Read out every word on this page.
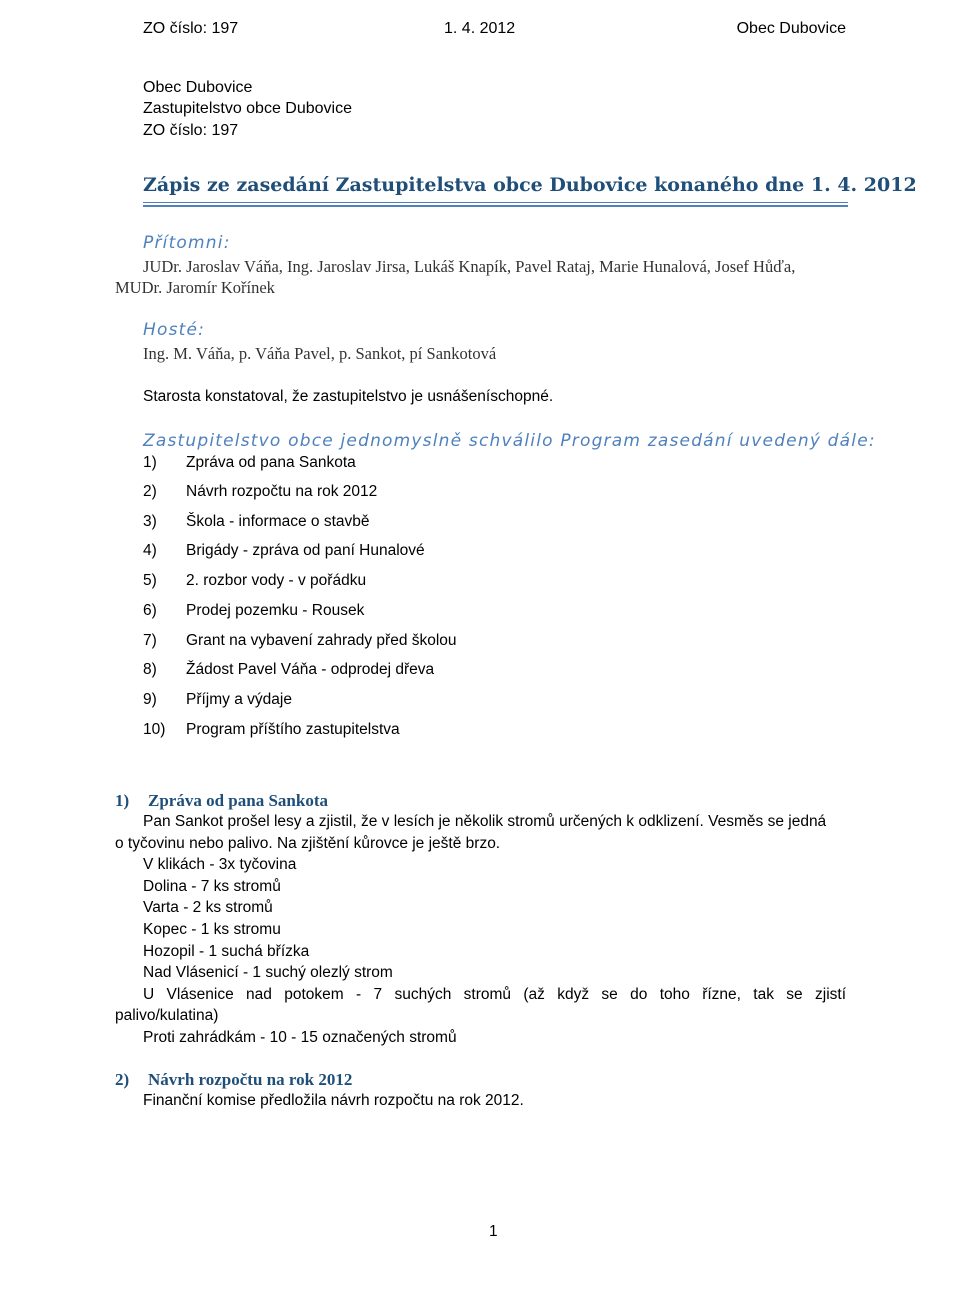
ZO číslo: 197	1. 4. 2012	Obec Dubovice
Obec Dubovice
Zastupitelstvo obce Dubovice
ZO číslo: 197
Zápis ze zasedání Zastupitelstva obce Dubovice konaného dne 1. 4. 2012
Přítomni:
JUDr. Jaroslav Váňa, Ing. Jaroslav Jirsa, Lukáš Knapík, Pavel Rataj, Marie Hunalová, Josef Hůďa,
MUDr. Jaromír Kořínek
Hosté:
Ing. M. Váňa, p. Váňa Pavel, p. Sankot, pí Sankotová
Starosta konstatoval, že zastupitelstvo je usnášeníschopné.
Zastupitelstvo obce jednomyslně schválilo Program zasedání uvedený dále:
1) Zpráva od pana Sankota
2) Návrh rozpočtu na rok 2012
3) Škola - informace o stavbě
4) Brigády - zpráva od paní Hunalové
5) 2. rozbor vody - v pořádku
6) Prodej pozemku - Rousek
7) Grant na vybavení zahrady před školou
8) Žádost Pavel Váňa - odprodej dřeva
9) Příjmy a výdaje
10) Program příštího zastupitelstva
1) Zpráva od pana Sankota
Pan Sankot prošel lesy a zjistil, že v lesích je několik stromů určených k odklizení. Vesměs se jedná
o tyčovinu nebo palivo. Na zjištění kůrovce je ještě brzo.
V klikách - 3x tyčovina
Dolina - 7 ks stromů
Varta - 2 ks stromů
Kopec - 1 ks stromu
Hozopil - 1 suchá břízka
Nad Vlásenicí - 1 suchý olezlý strom
U Vlásenice nad potokem - 7 suchých stromů (až když se do toho řízne, tak se zjistí
palivo/kulatina)
Proti zahrádkám - 10 - 15 označených stromů
2) Návrh rozpočtu na rok 2012
Finanční komise předložila návrh rozpočtu na rok 2012.
1
